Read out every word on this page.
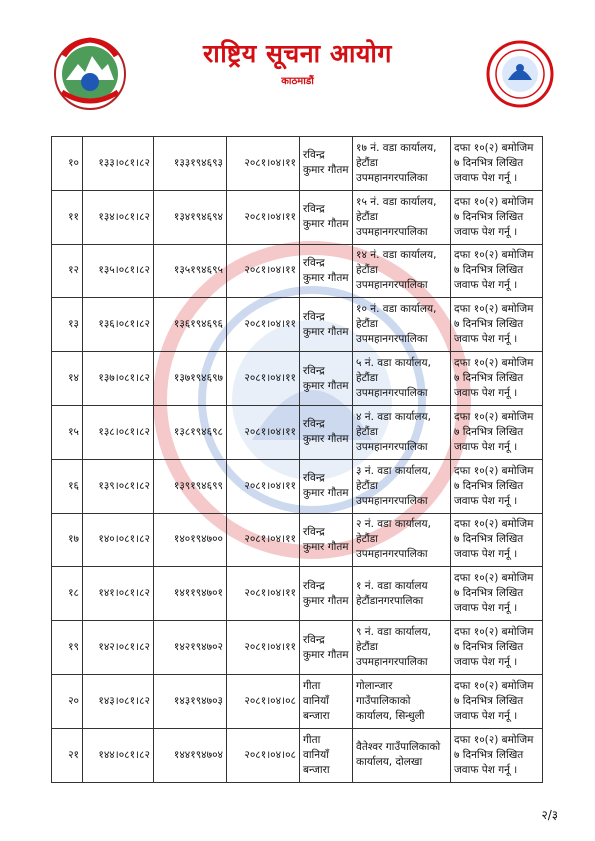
राष्ट्रिय सूचना आयोग
काठमाडौं
१०	१३३।०८१।८२	१३३१९४६९३	२०८१।०४।११	रविन्द्र कुमार गौतम	१७ नं. वडा कार्यालय, हेटौंडा उपमहानगरपालिका	दफा १०(२) बमोजिम ७ दिनभित्र लिखित जवाफ पेश गर्नू ।
११	१३४।०८१।८२	१३४१९४६९४	२०८१।०४।११	रविन्द्र कुमार गौतम	१५ नं. वडा कार्यालय, हेटौंडा उपमहानगरपालिका	दफा १०(२) बमोजिम ७ दिनभित्र लिखित जवाफ पेश गर्नू ।
१२	१३५।०८१।८२	१३५१९४६९५	२०८१।०४।११	रविन्द्र कुमार गौतम	१४ नं. वडा कार्यालय, हेटौंडा उपमहानगरपालिका	दफा १०(२) बमोजिम ७ दिनभित्र लिखित जवाफ पेश गर्नू ।
१३	१३६।०८१।८२	१३६१९४६९६	२०८१।०४।११	रविन्द्र कुमार गौतम	१० नं. वडा कार्यालय, हेटौंडा उपमहानगरपालिका	दफा १०(२) बमोजिम ७ दिनभित्र लिखित जवाफ पेश गर्नू ।
१४	१३७।०८१।८२	१३७१९४६९७	२०८१।०४।११	रविन्द्र कुमार गौतम	५ नं. वडा कार्यालय, हेटौंडा उपमहानगरपालिका	दफा १०(२) बमोजिम ७ दिनभित्र लिखित जवाफ पेश गर्नू ।
१५	१३८।०८१।८२	१३८१९४६९८	२०८१।०४।११	रविन्द्र कुमार गौतम	४ नं. वडा कार्यालय, हेटौंडा उपमहानगरपालिका	दफा १०(२) बमोजिम ७ दिनभित्र लिखित जवाफ पेश गर्नू ।
१६	१३९।०८१।८२	१३९१९४६९९	२०८१।०४।११	रविन्द्र कुमार गौतम	३ नं. वडा कार्यालय, हेटौंडा उपमहानगरपालिका	दफा १०(२) बमोजिम ७ दिनभित्र लिखित जवाफ पेश गर्नू ।
१७	१४०।०८१।८२	१४०१९४७००	२०८१।०४।११	रविन्द्र कुमार गौतम	२ नं. वडा कार्यालय, हेटौंडा उपमहानगरपालिका	दफा १०(२) बमोजिम ७ दिनभित्र लिखित जवाफ पेश गर्नू ।
१८	१४१।०८१।८२	१४११९४७०१	२०८१।०४।११	रविन्द्र कुमार गौतम	१ नं. वडा कार्यालय हेटौंडानगरपालिका	दफा १०(२) बमोजिम ७ दिनभित्र लिखित जवाफ पेश गर्नू ।
१९	१४२।०८१।८२	१४२१९४७०२	२०८१।०४।११	रविन्द्र कुमार गौतम	९ नं. वडा कार्यालय, हेटौंडा उपमहानगरपालिका	दफा १०(२) बमोजिम ७ दिनभित्र लिखित जवाफ पेश गर्नू ।
२०	१४३।०८१।८२	१४३१९४७०३	२०८१।०४।०८	गीता वानियाँ बन्जारा	गोलान्जार गाउँपालिकाको कार्यालय, सिन्धुली	दफा १०(२) बमोजिम ७ दिनभित्र लिखित जवाफ पेश गर्नू ।
२१	१४४।०८१।८२	१४४१९४७०४	२०८१।०४।०८	गीता वानियाँ बन्जारा	वैतेश्वर गाउँपालिकाको कार्यालय, दोलखा	दफा १०(२) बमोजिम ७ दिनभित्र लिखित जवाफ पेश गर्नू ।
२/३
